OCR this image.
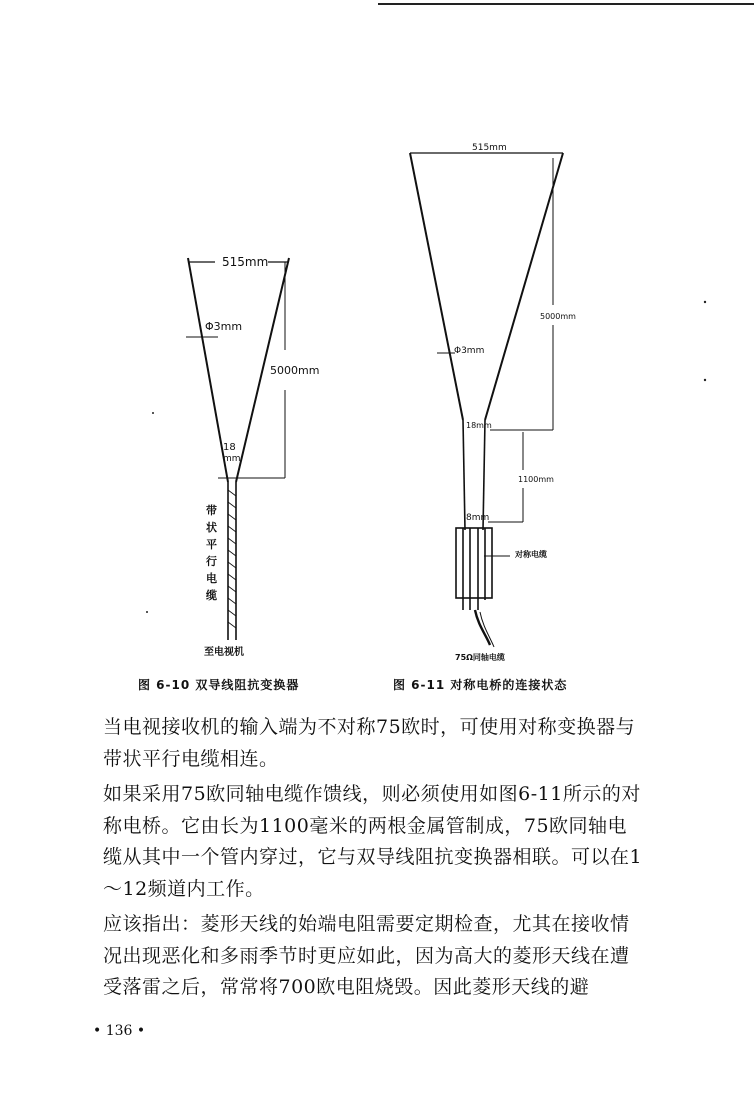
515mm
Φ3mm
5000mm
18
mm
带
状
平
行
电
缆
至电视机
515mm
Φ3mm
5000mm
18mm
1100mm
8mm
对称电缆
75Ω同轴电缆
图 6-10 双导线阻抗变换器	图 6-11 对称电桥的连接状态

当电视接收机的输入端为不对称75欧时，可使用对称变换器与带状平行电缆相连。

如果采用75欧同轴电缆作馈线，则必须使用如图6-11所示的对称电桥。它由长为1100毫米的两根金属管制成，75欧同轴电缆从其中一个管内穿过，它与双导线阻抗变换器相联。可以在1～12频道内工作。

应该指出：菱形天线的始端电阻需要定期检查，尤其在接收情况出现恶化和多雨季节时更应如此，因为高大的菱形天线在遭受落雷之后，常常将700欧电阻烧毁。因此菱形天线的避

• 136 •
